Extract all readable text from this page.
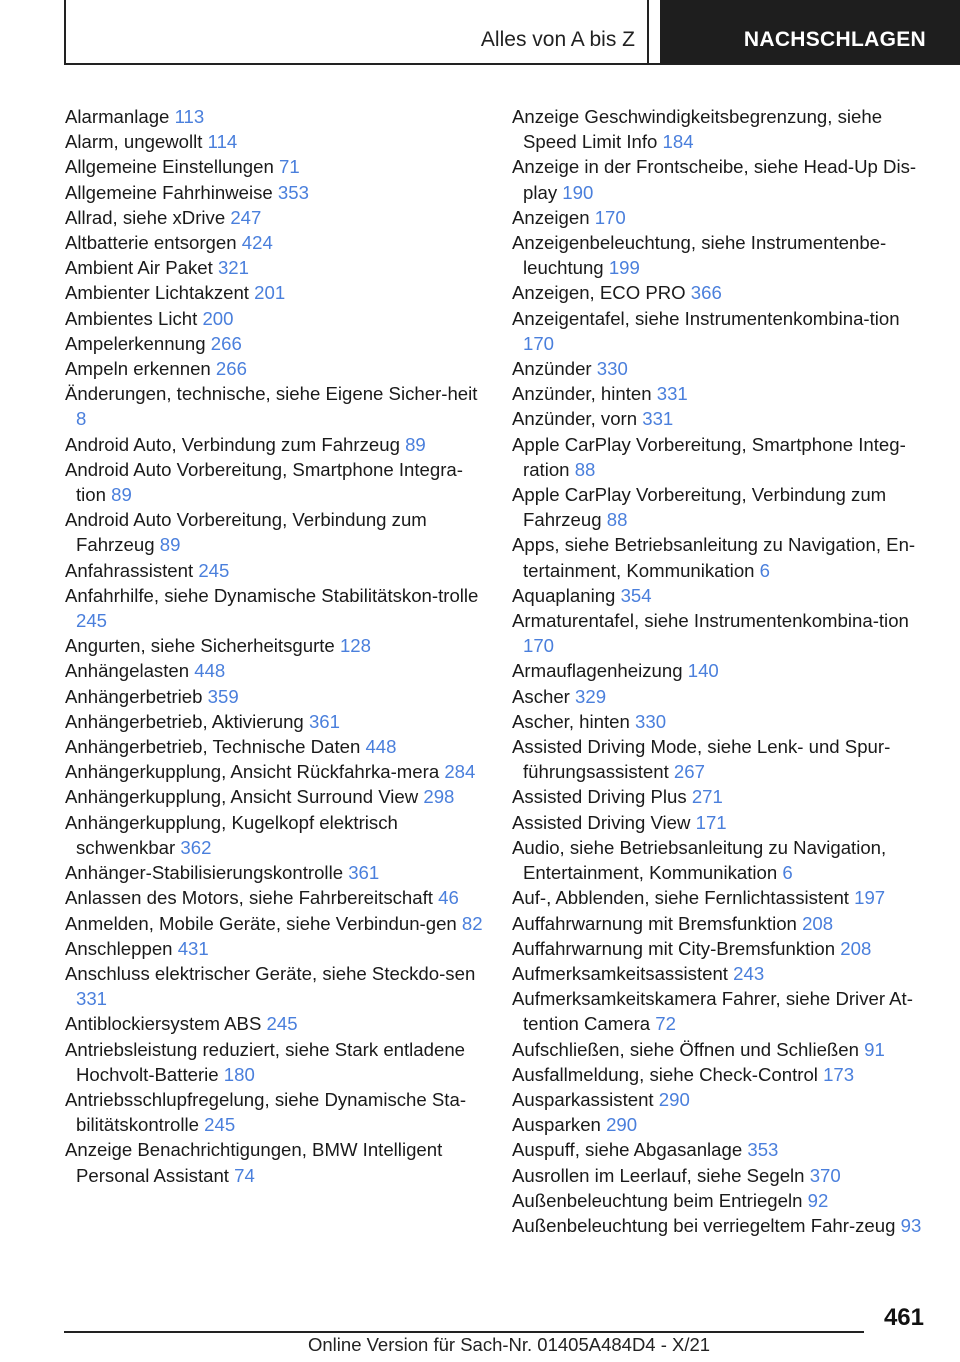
Alles von A bis Z	NACHSCHLAGEN
Alarmanlage 113
Alarm, ungewollt 114
Allgemeine Einstellungen 71
Allgemeine Fahrhinweise 353
Allrad, siehe xDrive 247
Altbatterie entsorgen 424
Ambient Air Paket 321
Ambienter Lichtakzent 201
Ambientes Licht 200
Ampelerkennung 266
Ampeln erkennen 266
Änderungen, technische, siehe Eigene Sicher-heit 8
Android Auto, Verbindung zum Fahrzeug 89
Android Auto Vorbereitung, Smartphone Integra-tion 89
Android Auto Vorbereitung, Verbindung zum Fahrzeug 89
Anfahrassistent 245
Anfahrhilfe, siehe Dynamische Stabilitätskon-trolle 245
Angurten, siehe Sicherheitsgurte 128
Anhängelasten 448
Anhängerbetrieb 359
Anhängerbetrieb, Aktivierung 361
Anhängerbetrieb, Technische Daten 448
Anhängerkupplung, Ansicht Rückfahrka-mera 284
Anhängerkupplung, Ansicht Surround View 298
Anhängerkupplung, Kugelkopf elektrisch schwenkbar 362
Anhänger-Stabilisierungskontrolle 361
Anlassen des Motors, siehe Fahrbereitschaft 46
Anmelden, Mobile Geräte, siehe Verbindun-gen 82
Anschleppen 431
Anschluss elektrischer Geräte, siehe Steckdo-sen 331
Antiblockiersystem ABS 245
Antriebsleistung reduziert, siehe Stark entladene Hochvolt-Batterie 180
Antriebsschlupfregelung, siehe Dynamische Sta-bilitätskontrolle 245
Anzeige Benachrichtigungen, BMW Intelligent Personal Assistant 74
Anzeige Geschwindigkeitsbegrenzung, siehe Speed Limit Info 184
Anzeige in der Frontscheibe, siehe Head-Up Dis-play 190
Anzeigen 170
Anzeigenbeleuchtung, siehe Instrumentenbe-leuchtung 199
Anzeigen, ECO PRO 366
Anzeigentafel, siehe Instrumentenkombina-tion 170
Anzünder 330
Anzünder, hinten 331
Anzünder, vorn 331
Apple CarPlay Vorbereitung, Smartphone Integ-ration 88
Apple CarPlay Vorbereitung, Verbindung zum Fahrzeug 88
Apps, siehe Betriebsanleitung zu Navigation, En-tertainment, Kommunikation 6
Aquaplaning 354
Armaturentafel, siehe Instrumentenkombina-tion 170
Armauflagenheizung 140
Ascher 329
Ascher, hinten 330
Assisted Driving Mode, siehe Lenk- und Spur-führungsassistent 267
Assisted Driving Plus 271
Assisted Driving View 171
Audio, siehe Betriebsanleitung zu Navigation, Entertainment, Kommunikation 6
Auf-, Abblenden, siehe Fernlichtassistent 197
Auffahrwarnung mit Bremsfunktion 208
Auffahrwarnung mit City-Bremsfunktion 208
Aufmerksamkeitsassistent 243
Aufmerksamkeitskamera Fahrer, siehe Driver At-tention Camera 72
Aufschließen, siehe Öffnen und Schließen 91
Ausfallmeldung, siehe Check-Control 173
Ausparkassistent 290
Ausparken 290
Auspuff, siehe Abgasanlage 353
Ausrollen im Leerlauf, siehe Segeln 370
Außenbeleuchtung beim Entriegeln 92
Außenbeleuchtung bei verriegeltem Fahr-zeug 93
461
Online Version für Sach-Nr. 01405A484D4 - X/21
